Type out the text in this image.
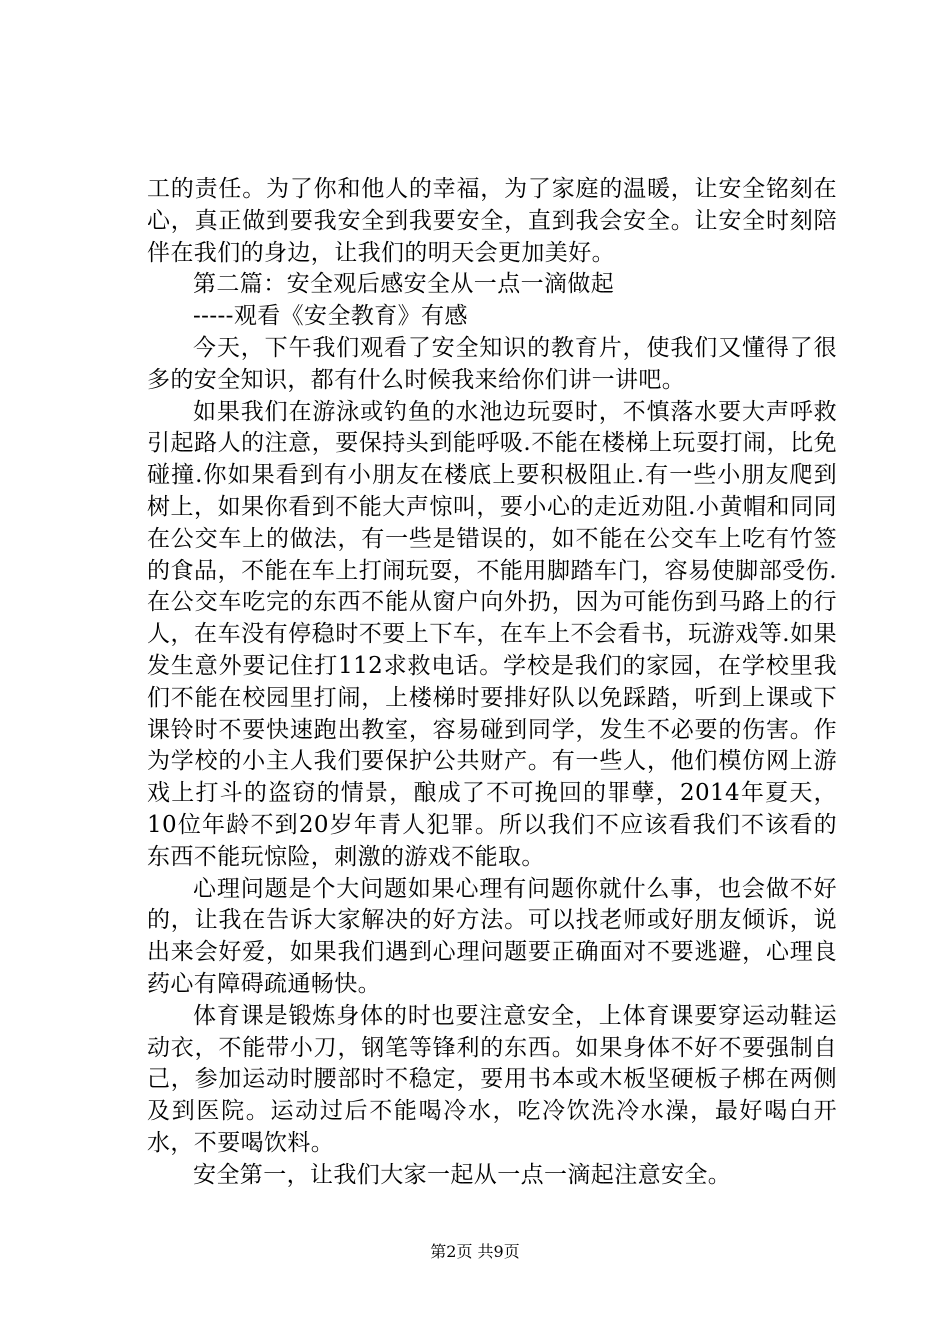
工的责任。为了你和他人的幸福，为了家庭的温暖，让安全铭刻在心，真正做到要我安全到我要安全，直到我会安全。让安全时刻陪伴在我们的身边，让我们的明天会更加美好。

第二篇：安全观后感安全从一点一滴做起

-----观看《安全教育》有感

今天，下午我们观看了安全知识的教育片，使我们又懂得了很多的安全知识，都有什么时候我来给你们讲一讲吧。

如果我们在游泳或钓鱼的水池边玩耍时，不慎落水要大声呼救引起路人的注意，要保持头到能呼吸.不能在楼梯上玩耍打闹，比免碰撞.你如果看到有小朋友在楼底上要积极阻止.有一些小朋友爬到树上，如果你看到不能大声惊叫，要小心的走近劝阻.小黄帽和同同在公交车上的做法，有一些是错误的，如不能在公交车上吃有竹签的食品，不能在车上打闹玩耍，不能用脚踏车门，容易使脚部受伤.在公交车吃完的东西不能从窗户向外扔，因为可能伤到马路上的行人，在车没有停稳时不要上下车，在车上不会看书，玩游戏等.如果发生意外要记住打112求救电话。学校是我们的家园，在学校里我们不能在校园里打闹，上楼梯时要排好队以免踩踏，听到上课或下课铃时不要快速跑出教室，容易碰到同学，发生不必要的伤害。作为学校的小主人我们要保护公共财产。有一些人，他们模仿网上游戏上打斗的盗窃的情景，酿成了不可挽回的罪孽，2014年夏天，10位年龄不到20岁年青人犯罪。所以我们不应该看我们不该看的东西不能玩惊险，刺激的游戏不能取。

心理问题是个大问题如果心理有问题你就什么事，也会做不好的，让我在告诉大家解决的好方法。可以找老师或好朋友倾诉，说出来会好爱，如果我们遇到心理问题要正确面对不要逃避，心理良药心有障碍疏通畅快。

体育课是锻炼身体的时也要注意安全，上体育课要穿运动鞋运动衣，不能带小刀，钢笔等锋利的东西。如果身体不好不要强制自己，参加运动时腰部时不稳定，要用书本或木板坚硬板子梆在两侧及到医院。运动过后不能喝冷水，吃冷饮洗冷水澡，最好喝白开水，不要喝饮料。

安全第一，让我们大家一起从一点一滴起注意安全。

第2页 共9页
